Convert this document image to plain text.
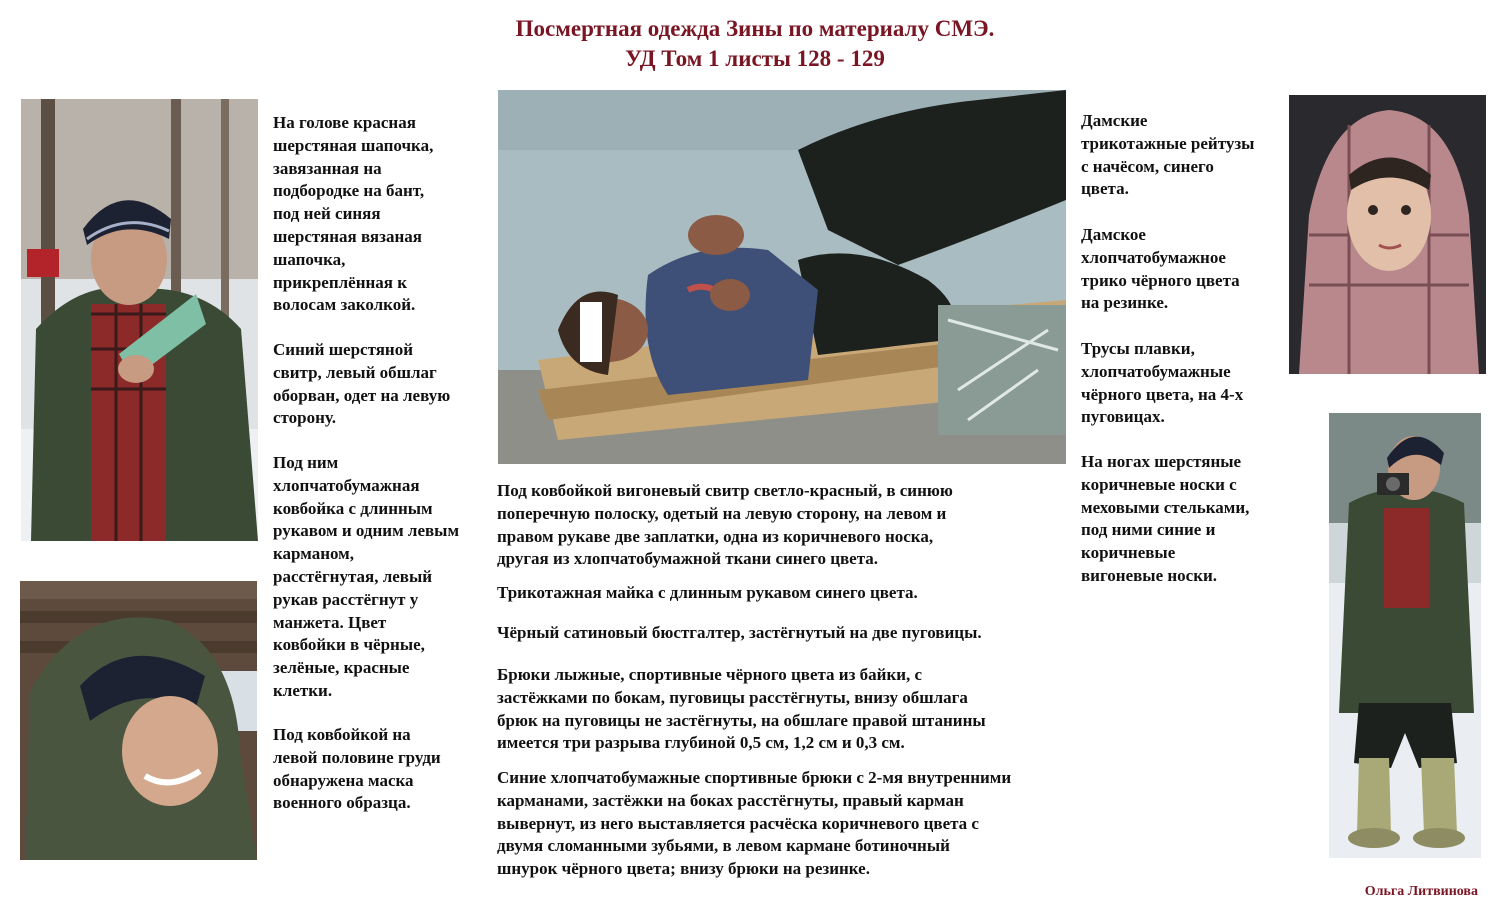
Посмертная одежда Зины по материалу СМЭ.
УД Том 1 листы 128 - 129

На голове красная
шерстяная шапочка,
завязанная на
подбородке на бант,
под ней синяя
шерстяная вязаная
шапочка,
прикреплённая к
волосам заколкой.

Синий шерстяной
свитр, левый обшлаг
оборван, одет на левую
сторону.

Под ним
хлопчатобумажная
ковбойка с длинным
рукавом и одним левым
карманом,
расстёгнутая, левый
рукав расстёгнут у
манжета. Цвет
ковбойки в чёрные,
зелёные, красные
клетки.

Под ковбойкой на
левой половине груди
обнаружена маска
военного образца.

Под ковбойкой вигоневый свитр светло-красный, в синюю
поперечную полоску, одетый на левую сторону, на левом и
правом рукаве две заплатки, одна из коричневого носка,
другая из хлопчатобумажной ткани синего цвета.

Трикотажная майка с длинным рукавом синего цвета.

Чёрный сатиновый бюстгалтер, застёгнутый на две пуговицы.

Брюки лыжные, спортивные чёрного цвета из байки, с
застёжками по бокам, пуговицы расстёгнуты, внизу обшлага
брюк на пуговицы не застёгнуты, на обшлаге правой штанины
имеется три разрыва глубиной 0,5 см, 1,2 см и 0,3 см.

Синие хлопчатобумажные спортивные брюки с 2-мя внутренними
карманами, застёжки на боках расстёгнуты, правый карман
вывернут, из него выставляется расчёска коричневого цвета с
двумя сломанными зубьями, в левом кармане ботиночный
шнурок чёрного цвета; внизу брюки на резинке.

Дамские
трикотажные рейтузы
с начёсом, синего
цвета.

Дамское
хлопчатобумажное
трико чёрного цвета
на резинке.

Трусы плавки,
хлопчатобумажные
чёрного цвета, на 4-х
пуговицах.

На ногах шерстяные
коричневые носки с
меховыми стельками,
под ними синие и
коричневые
вигоневые носки.

Ольга Литвинова
